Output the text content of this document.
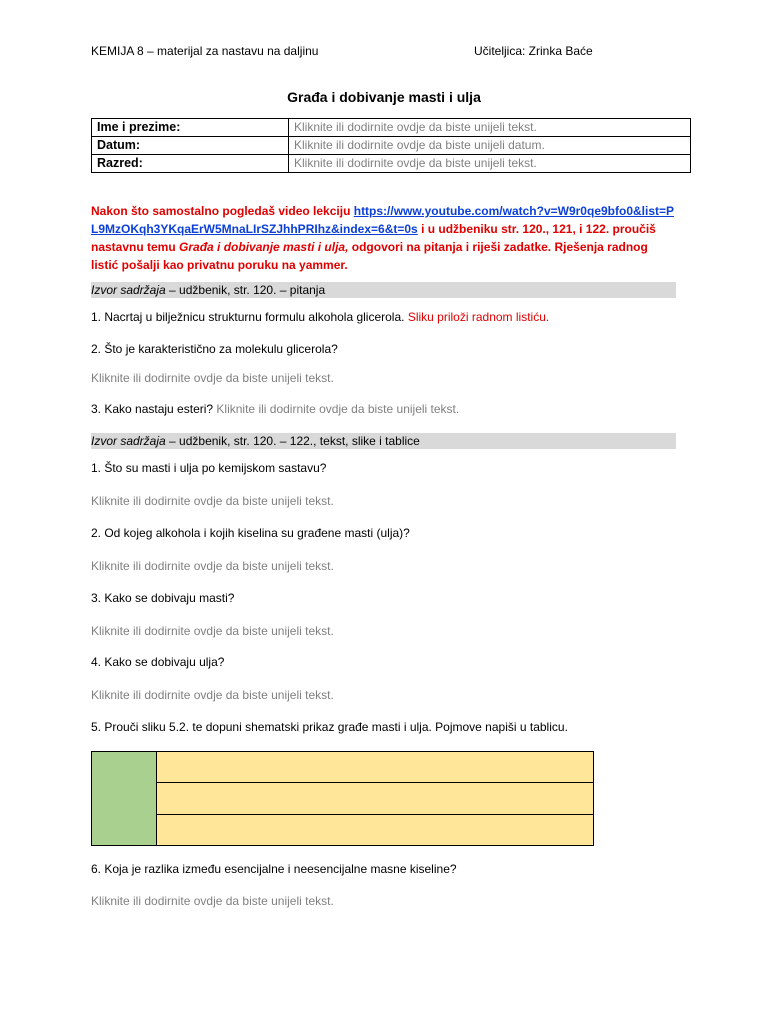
KEMIJA 8 – materijal za nastavu na daljinu	Učiteljica: Zrinka Baće
Građa i dobivanje masti i ulja
Ime i prezime:	Kliknite ili dodirnite ovdje da biste unijeli tekst.
Datum:	Kliknite ili dodirnite ovdje da biste unijeli datum.
Razred:	Kliknite ili dodirnite ovdje da biste unijeli tekst.
Nakon što samostalno pogledaš video lekciju https://www.youtube.com/watch?v=W9r0qe9bfo0&list=PL9MzOKqh3YKqaErW5MnaLIrSZJhhPRIhz&index=6&t=0s i u udžbeniku str. 120., 121, i 122. proučiš nastavnu temu Građa i dobivanje masti i ulja, odgovori na pitanja i riješi zadatke. Rješenja radnog listić pošalji kao privatnu poruku na yammer.
Izvor sadržaja – udžbenik, str. 120. – pitanja
1. Nacrtaj u bilježnicu strukturnu formulu alkohola glicerola. Sliku priloži radnom listiću.
2. Što je karakteristično za molekulu glicerola?
Kliknite ili dodirnite ovdje da biste unijeli tekst.
3. Kako nastaju esteri? Kliknite ili dodirnite ovdje da biste unijeli tekst.
Izvor sadržaja – udžbenik, str. 120. – 122., tekst, slike i tablice
1. Što su masti i ulja po kemijskom sastavu?
Kliknite ili dodirnite ovdje da biste unijeli tekst.
2. Od kojeg alkohola i kojih kiselina su građene masti (ulja)?
Kliknite ili dodirnite ovdje da biste unijeli tekst.
3. Kako se dobivaju masti?
Kliknite ili dodirnite ovdje da biste unijeli tekst.
4. Kako se dobivaju ulja?
Kliknite ili dodirnite ovdje da biste unijeli tekst.
5. Prouči sliku 5.2. te dopuni shematski prikaz građe masti i ulja. Pojmove napiši u tablicu.

6. Koja je razlika između esencijalne i neesencijalne masne kiseline?
Kliknite ili dodirnite ovdje da biste unijeli tekst.
